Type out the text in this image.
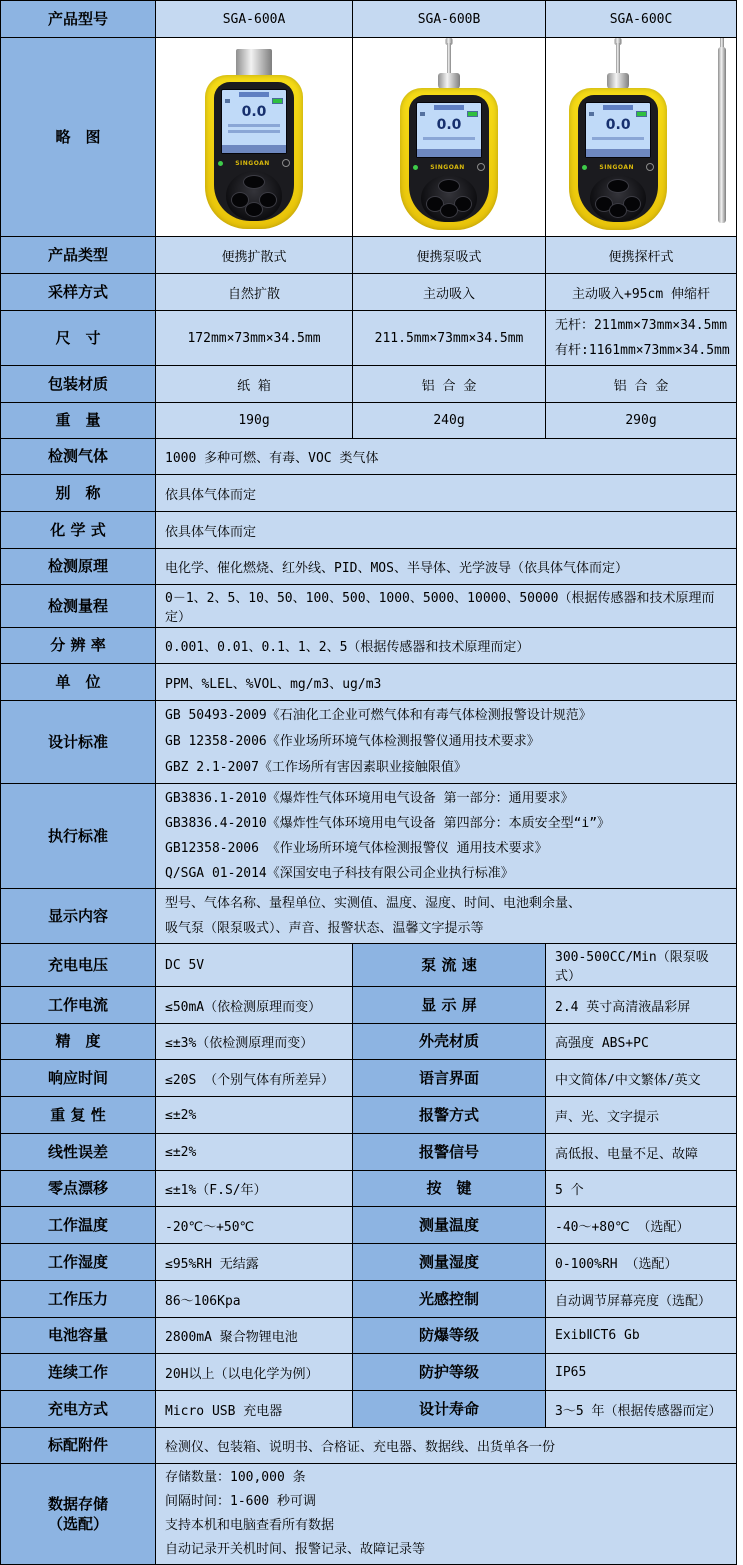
产品型号	SGA-600A	SGA-600B	SGA-600C
略　图	
0.0
SINGOAN

0.0
SINGOAN

0.0
SINGOAN

产品类型	便携扩散式	便携泵吸式	便携探杆式
采样方式	自然扩散	主动吸入	主动吸入+95cm 伸缩杆
尺　寸	172mm×73mm×34.5mm	211.5mm×73mm×34.5mm	无杆：211mm×73mm×34.5mm
有杆:1161mm×73mm×34.5mm

包装材质	纸 箱	铝 合 金	铝 合 金
重　量	190g	240g	290g
检测气体	1000 多种可燃、有毒、VOC 类气体		
别　称	依具体气体而定		
化 学 式	依具体气体而定		
检测原理	电化学、催化燃烧、红外线、PID、MOS、半导体、光学波导（依具体气体而定）		
检测量程	0－1、2、5、10、50、100、500、1000、5000、10000、50000（根据传感器和技术原理而定）		
分 辨 率	0.001、0.01、0.1、1、2、5（根据传感器和技术原理而定）		
单　位	PPM、%LEL、%VOL、mg/m3、ug/m3		
设计标准	GB 50493-2009《石油化工企业可燃气体和有毒气体检测报警设计规范》
GB 12358-2006《作业场所环境气体检测报警仪通用技术要求》
GBZ 2.1-2007《工作场所有害因素职业接触限值》		

执行标准	GB3836.1-2010《爆炸性气体环境用电气设备 第一部分：通用要求》
GB3836.4-2010《爆炸性气体环境用电气设备 第四部分：本质安全型“i”》
GB12358-2006 《作业场所环境气体检测报警仪 通用技术要求》
Q/SGA 01-2014《深国安电子科技有限公司企业执行标准》		

显示内容	型号、气体名称、量程单位、实测值、温度、湿度、时间、电池剩余量、
吸气泵（限泵吸式）、声音、报警状态、温馨文字提示等		

充电电压	DC 5V	泵 流 速	300-500CC/Min（限泵吸式）
工作电流	≤50mA（依检测原理而变）	显 示 屏	2.4 英寸高清液晶彩屏
精　度	≤±3%（依检测原理而变）	外壳材质	高强度 ABS+PC
响应时间	≤20S （个别气体有所差异）	语言界面	中文简体/中文繁体/英文
重 复 性	≤±2%	报警方式	声、光、文字提示
线性误差	≤±2%	报警信号	高低报、电量不足、故障
零点漂移	≤±1%（F.S/年）	按　键	5 个
工作温度	-20℃～+50℃	测量温度	-40～+80℃ （选配）
工作湿度	≤95%RH 无结露	测量湿度	0-100%RH （选配）
工作压力	86～106Kpa	光感控制	自动调节屏幕亮度（选配）
电池容量	2800mA 聚合物锂电池	防爆等级	ExibⅡCT6 Gb
连续工作	20H以上（以电化学为例）	防护等级	IP65
充电方式	Micro USB 充电器	设计寿命	3～5 年（根据传感器而定）
标配附件	检测仪、包装箱、说明书、合格证、充电器、数据线、出货单各一份		

数据存储
（选配）

存储数量：100,000 条
间隔时间：1-600 秒可调
支持本机和电脑查看所有数据
自动记录开关机时间、报警记录、故障记录等
